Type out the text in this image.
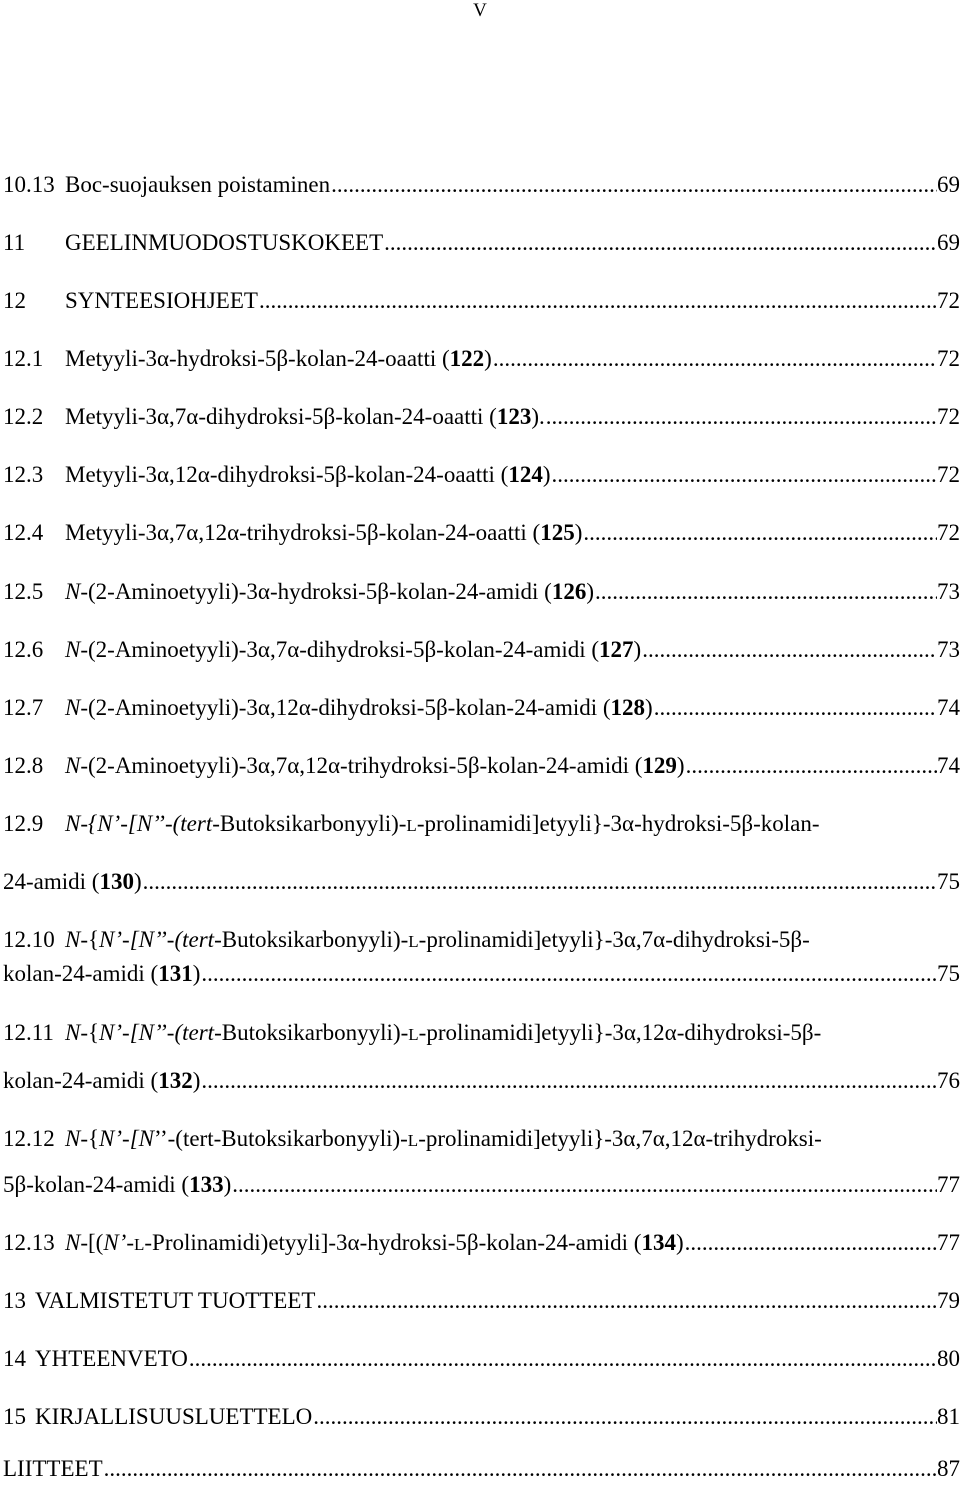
V
10.13 Boc-suojauksen poistaminen .....	69
11	GEELINMUODOSTUSKOKEET .....	69
12	SYNTEESIOHJEET .....	72
12.1 Metyyli-3α-hydroksi-5β-kolan-24-oaatti (122) .....	72
12.2 Metyyli-3α,7α-dihydroksi-5β-kolan-24-oaatti (123). .....	72
12.3 Metyyli-3α,12α-dihydroksi-5β-kolan-24-oaatti (124) .....	72
12.4 Metyyli-3α,7α,12α-trihydroksi-5β-kolan-24-oaatti (125) .....	72
12.5 N-(2-Aminoetyyli)-3α-hydroksi-5β-kolan-24-amidi (126) .....	73
12.6 N-(2-Aminoetyyli)-3α,7α-dihydroksi-5β-kolan-24-amidi (127) .....	73
12.7 N-(2-Aminoetyyli)-3α,12α-dihydroksi-5β-kolan-24-amidi (128) .....	74
12.8 N-(2-Aminoetyyli)-3α,7α,12α-trihydroksi-5β-kolan-24-amidi (129) .....	74
12.9 N-{N’-[N’’-(tert-Butoksikarbonyyli)-L-prolinamidi]etyyli}-3α-hydroksi-5β-kolan-
24-amidi (130) .....	75
12.10 N-{N’-[N’’-(tert-Butoksikarbonyyli)-L-prolinamidi]etyyli}-3α,7α-dihydroksi-5β-
kolan-24-amidi (131) .....	75
12.11 N-{N’-[N’’-(tert-Butoksikarbonyyli)-L-prolinamidi]etyyli}-3α,12α-dihydroksi-5β-
kolan-24-amidi (132) .....	76
12.12 N-{N’-[N’’-(tert-Butoksikarbonyyli)-L-prolinamidi]etyyli}-3α,7α,12α-trihydroksi-
5β-kolan-24-amidi (133) .....	77
12.13 N-[(N’-L-Prolinamidi)etyyli]-3α-hydroksi-5β-kolan-24-amidi (134) .....	77
13 VALMISTETUT TUOTTEET .....	79
14 YHTEENVETO .....	80
15 KIRJALLISUUSLUETTELO .....	81
LIITTEET .....	87
